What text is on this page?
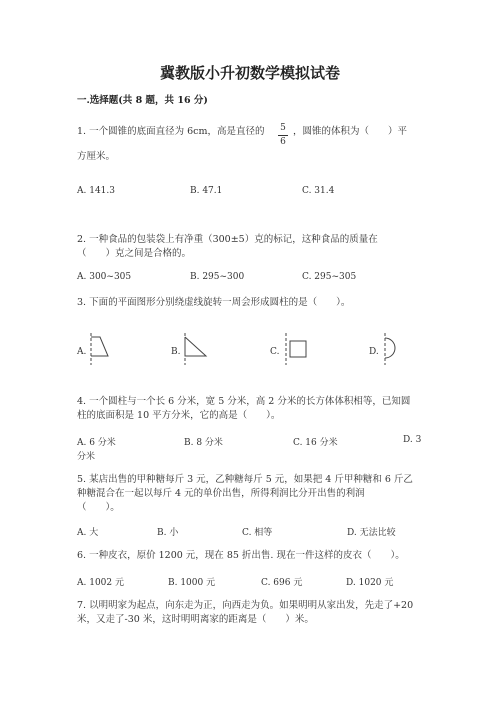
冀教版小升初数学模拟试卷
一.选择题(共 8 题，共 16 分)
1. 一个圆锥的底面直径为 6cm，高是直径的 5
6
，圆锥的体积为（　　）平
方厘米。
A. 141.3	B. 47.1	C. 31.4
2. 一种食品的包装袋上有净重（300±5）克的标记，这种食品的质量在
（　　）克之间是合格的。
A. 300~305	B. 295~300	C. 295~305
3. 下面的平面图形分别绕虚线旋转一周会形成圆柱的是（　　）。
A.	B.	C.	D.
4. 一个圆柱与一个长 6 分米，宽 5 分米，高 2 分米的长方体体积相等，已知圆
柱的底面积是 10 平方分米，它的高是（　　）。
A. 6 分米	B. 8 分米	C. 16 分米	D. 3
分米
5. 某店出售的甲种糖每斤 3 元，乙种糖每斤 5 元，如果把 4 斤甲种糖和 6 斤乙
种糖混合在一起以每斤 4 元的单价出售，所得利润比分开出售的利润
（　　）。
A. 大	B. 小	C. 相等	D. 无法比较
6. 一种皮衣，原价 1200 元，现在 85 折出售. 现在一件这样的皮衣（　　）。
A. 1002 元	B. 1000 元	C. 696 元	D. 1020 元
7. 以明明家为起点，向东走为正，向西走为负。如果明明从家出发，先走了+20
米，又走了-30 米，这时明明离家的距离是（　　）米。
